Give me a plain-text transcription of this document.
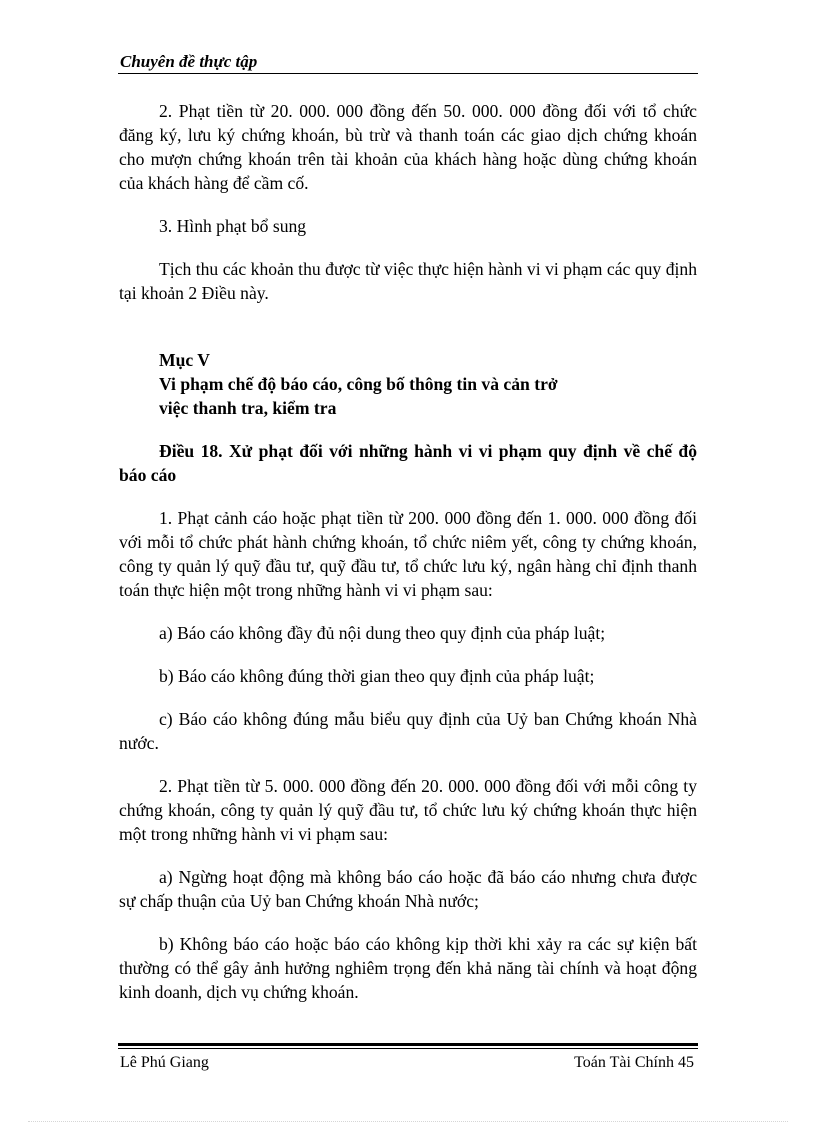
Chuyên đề thực tập

2. Phạt tiền từ 20. 000. 000 đồng đến 50. 000. 000 đồng đối với tổ chức đăng ký, lưu ký chứng khoán, bù trừ và thanh toán các giao dịch chứng khoán cho mượn chứng khoán trên tài khoản của khách hàng hoặc dùng chứng khoán của khách hàng để cầm cố.

3. Hình phạt bổ sung

Tịch thu các khoản thu được từ việc thực hiện hành vi vi phạm các quy định tại khoản 2 Điều này.

Mục V

Vi phạm chế độ báo cáo, công bố thông tin và cản trở

việc thanh tra, kiểm tra

Điều 18. Xử phạt đối với những hành vi vi phạm quy định về chế độ báo cáo

1. Phạt cảnh cáo hoặc phạt tiền từ 200. 000 đồng đến 1. 000. 000 đồng đối với mỗi tổ chức phát hành chứng khoán, tổ chức niêm yết, công ty chứng khoán, công ty quản lý quỹ đầu tư, quỹ đầu tư, tổ chức lưu ký, ngân hàng chỉ định thanh toán thực hiện một trong những hành vi vi phạm sau:

a) Báo cáo không đầy đủ nội dung theo quy định của pháp luật;

b) Báo cáo không đúng thời gian theo quy định của pháp luật;

c) Báo cáo không đúng mẫu biểu quy định của Uỷ ban Chứng khoán Nhà nước.

2. Phạt tiền từ 5. 000. 000 đồng đến 20. 000. 000 đồng đối với mỗi công ty chứng khoán, công ty quản lý quỹ đầu tư, tổ chức lưu ký chứng khoán thực hiện một trong những hành vi vi phạm sau:

a) Ngừng hoạt động mà không báo cáo hoặc đã báo cáo nhưng chưa được sự chấp thuận của Uỷ ban Chứng khoán Nhà nước;

b) Không báo cáo hoặc báo cáo không kịp thời khi xảy ra các sự kiện bất thường có thể gây ảnh hưởng nghiêm trọng đến khả năng tài chính và hoạt động kinh doanh, dịch vụ chứng khoán.

Lê Phú Giang	Toán Tài Chính 45
